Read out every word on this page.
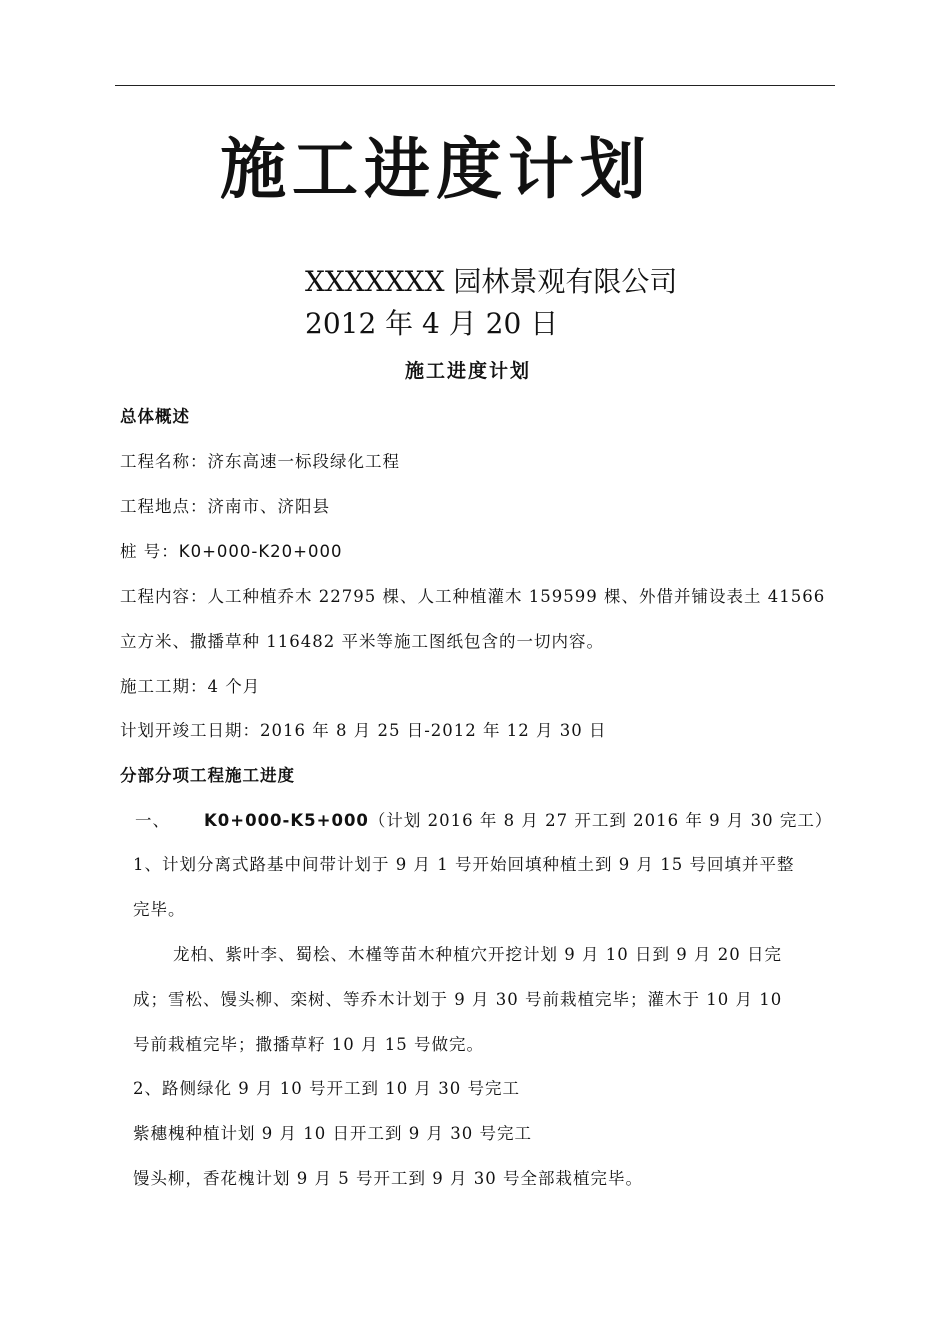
施工进度计划
XXXXXXX 园林景观有限公司
2012 年 4 月 20 日
施工进度计划
总体概述
工程名称：济东高速一标段绿化工程
工程地点：济南市、济阳县
桩 号：K0+000-K20+000
工程内容：人工种植乔木 22795 棵、人工种植灌木 159599 棵、外借并铺设表土 41566
立方米、撒播草种 116482 平米等施工图纸包含的一切内容。
施工工期：4 个月
计划开竣工日期：2016 年 8 月 25 日-2012 年 12 月 30 日
分部分项工程施工进度
一、 K0+000-K5+000（计划 2016 年 8 月 27 开工到 2016 年 9 月 30 完工）
1、计划分离式路基中间带计划于 9 月 1 号开始回填种植土到 9 月 15 号回填并平整
完毕。
龙柏、紫叶李、蜀桧、木槿等苗木种植穴开挖计划 9 月 10 日到 9 月 20 日完
成；雪松、馒头柳、栾树、等乔木计划于 9 月 30 号前栽植完毕；灌木于 10 月 10
号前栽植完毕；撒播草籽 10 月 15 号做完。
2、路侧绿化 9 月 10 号开工到 10 月 30 号完工
紫穗槐种植计划 9 月 10 日开工到 9 月 30 号完工
馒头柳，香花槐计划 9 月 5 号开工到 9 月 30 号全部栽植完毕。
